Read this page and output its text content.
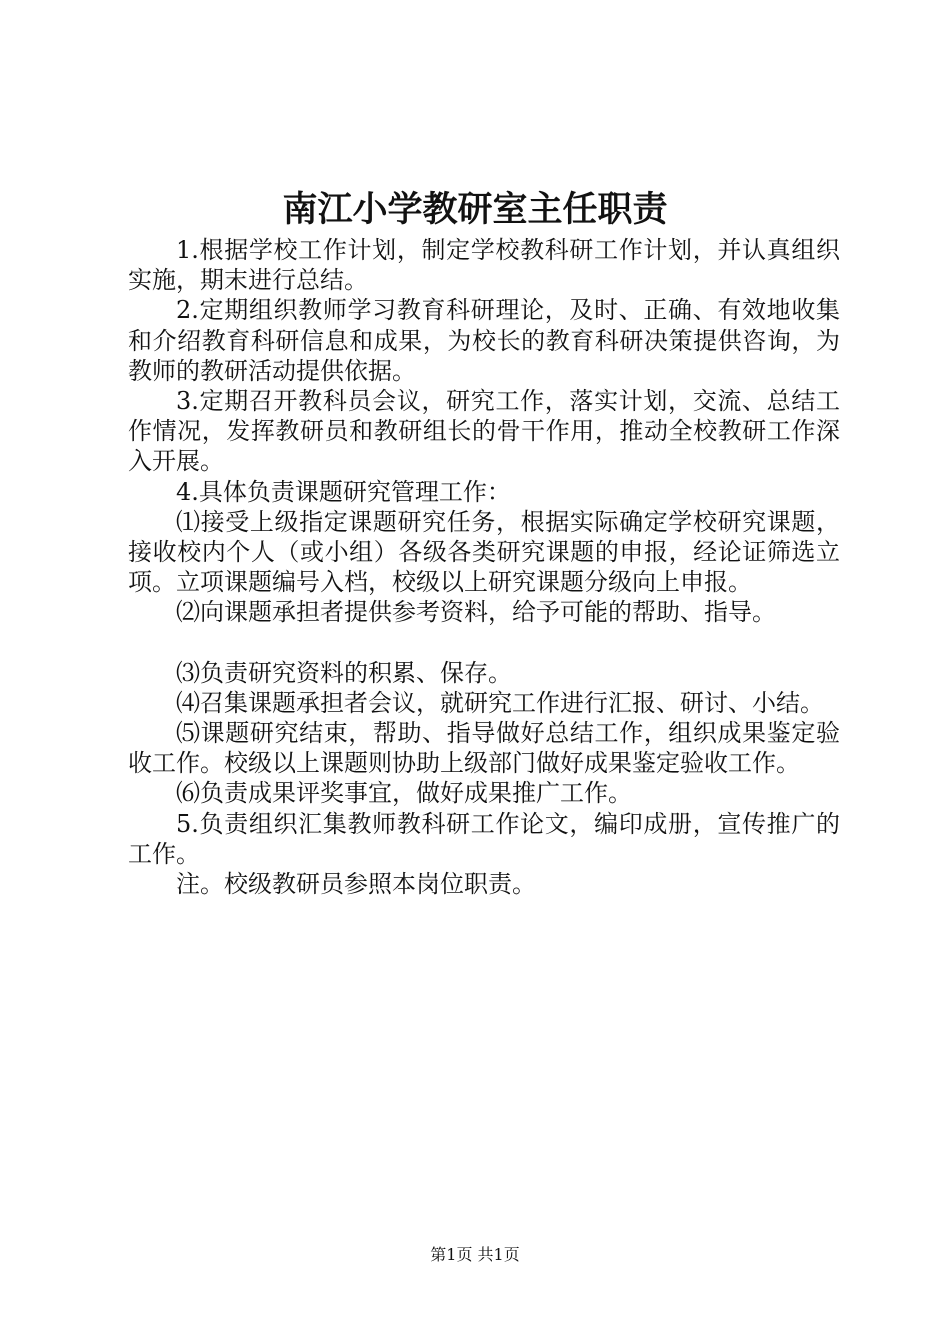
南江小学教研室主任职责

1.根据学校工作计划，制定学校教科研工作计划，并认真组织实施，期末进行总结。

2.定期组织教师学习教育科研理论，及时、正确、有效地收集和介绍教育科研信息和成果，为校长的教育科研决策提供咨询，为教师的教研活动提供依据。

3.定期召开教科员会议，研究工作，落实计划，交流、总结工作情况，发挥教研员和教研组长的骨干作用，推动全校教研工作深入开展。

4.具体负责课题研究管理工作：

⑴接受上级指定课题研究任务，根据实际确定学校研究课题，接收校内个人（或小组）各级各类研究课题的申报，经论证筛选立项。立项课题编号入档，校级以上研究课题分级向上申报。

⑵向课题承担者提供参考资料，给予可能的帮助、指导。

⑶负责研究资料的积累、保存。

⑷召集课题承担者会议，就研究工作进行汇报、研讨、小结。

⑸课题研究结束，帮助、指导做好总结工作，组织成果鉴定验收工作。校级以上课题则协助上级部门做好成果鉴定验收工作。

⑹负责成果评奖事宜，做好成果推广工作。

5.负责组织汇集教师教科研工作论文，编印成册，宣传推广的工作。

注。校级教研员参照本岗位职责。

第1页 共1页
